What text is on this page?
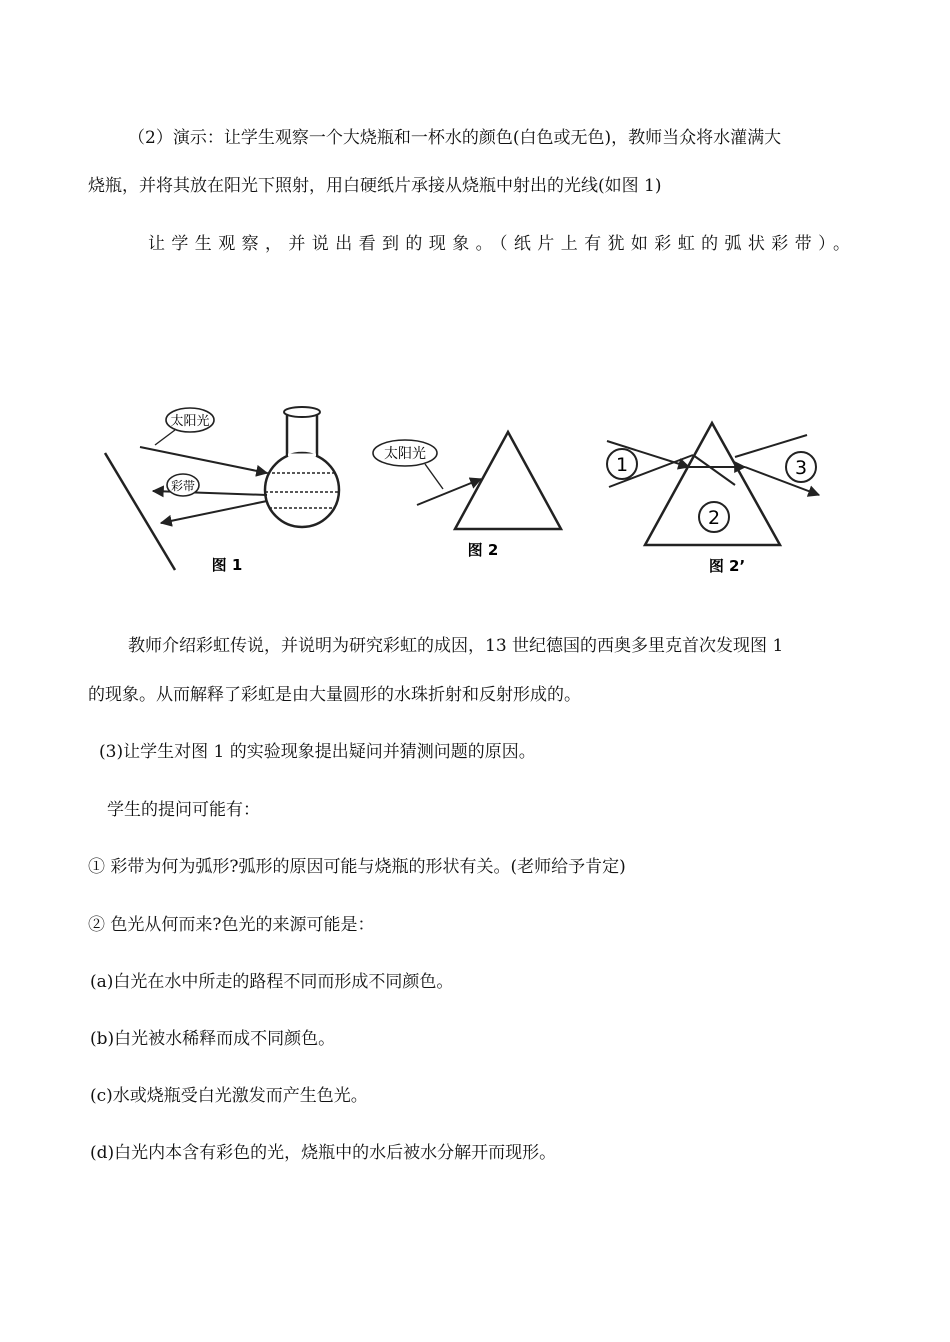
（2）演示：让学生观察一个大烧瓶和一杯水的颜色(白色或无色)，教师当众将水灌满大
烧瓶，并将其放在阳光下照射，用白硬纸片承接从烧瓶中射出的光线(如图 1)
让学生观察，并说出看到的现象。（纸片上有犹如彩虹的弧状彩带）。
太阳光
彩带
图 1
太阳光
图 2
1
2
3
图 2’
教师介绍彩虹传说，并说明为研究彩虹的成因，13 世纪德国的西奥多里克首次发现图 1
的现象。从而解释了彩虹是由大量圆形的水珠折射和反射形成的。
(3)让学生对图 1 的实验现象提出疑问并猜测问题的原因。
学生的提问可能有：
① 彩带为何为弧形?弧形的原因可能与烧瓶的形状有关。(老师给予肯定)
② 色光从何而来?色光的来源可能是：
(a)白光在水中所走的路程不同而形成不同颜色。
(b)白光被水稀释而成不同颜色。
(c)水或烧瓶受白光激发而产生色光。
(d)白光内本含有彩色的光，烧瓶中的水后被水分解开而现形。
